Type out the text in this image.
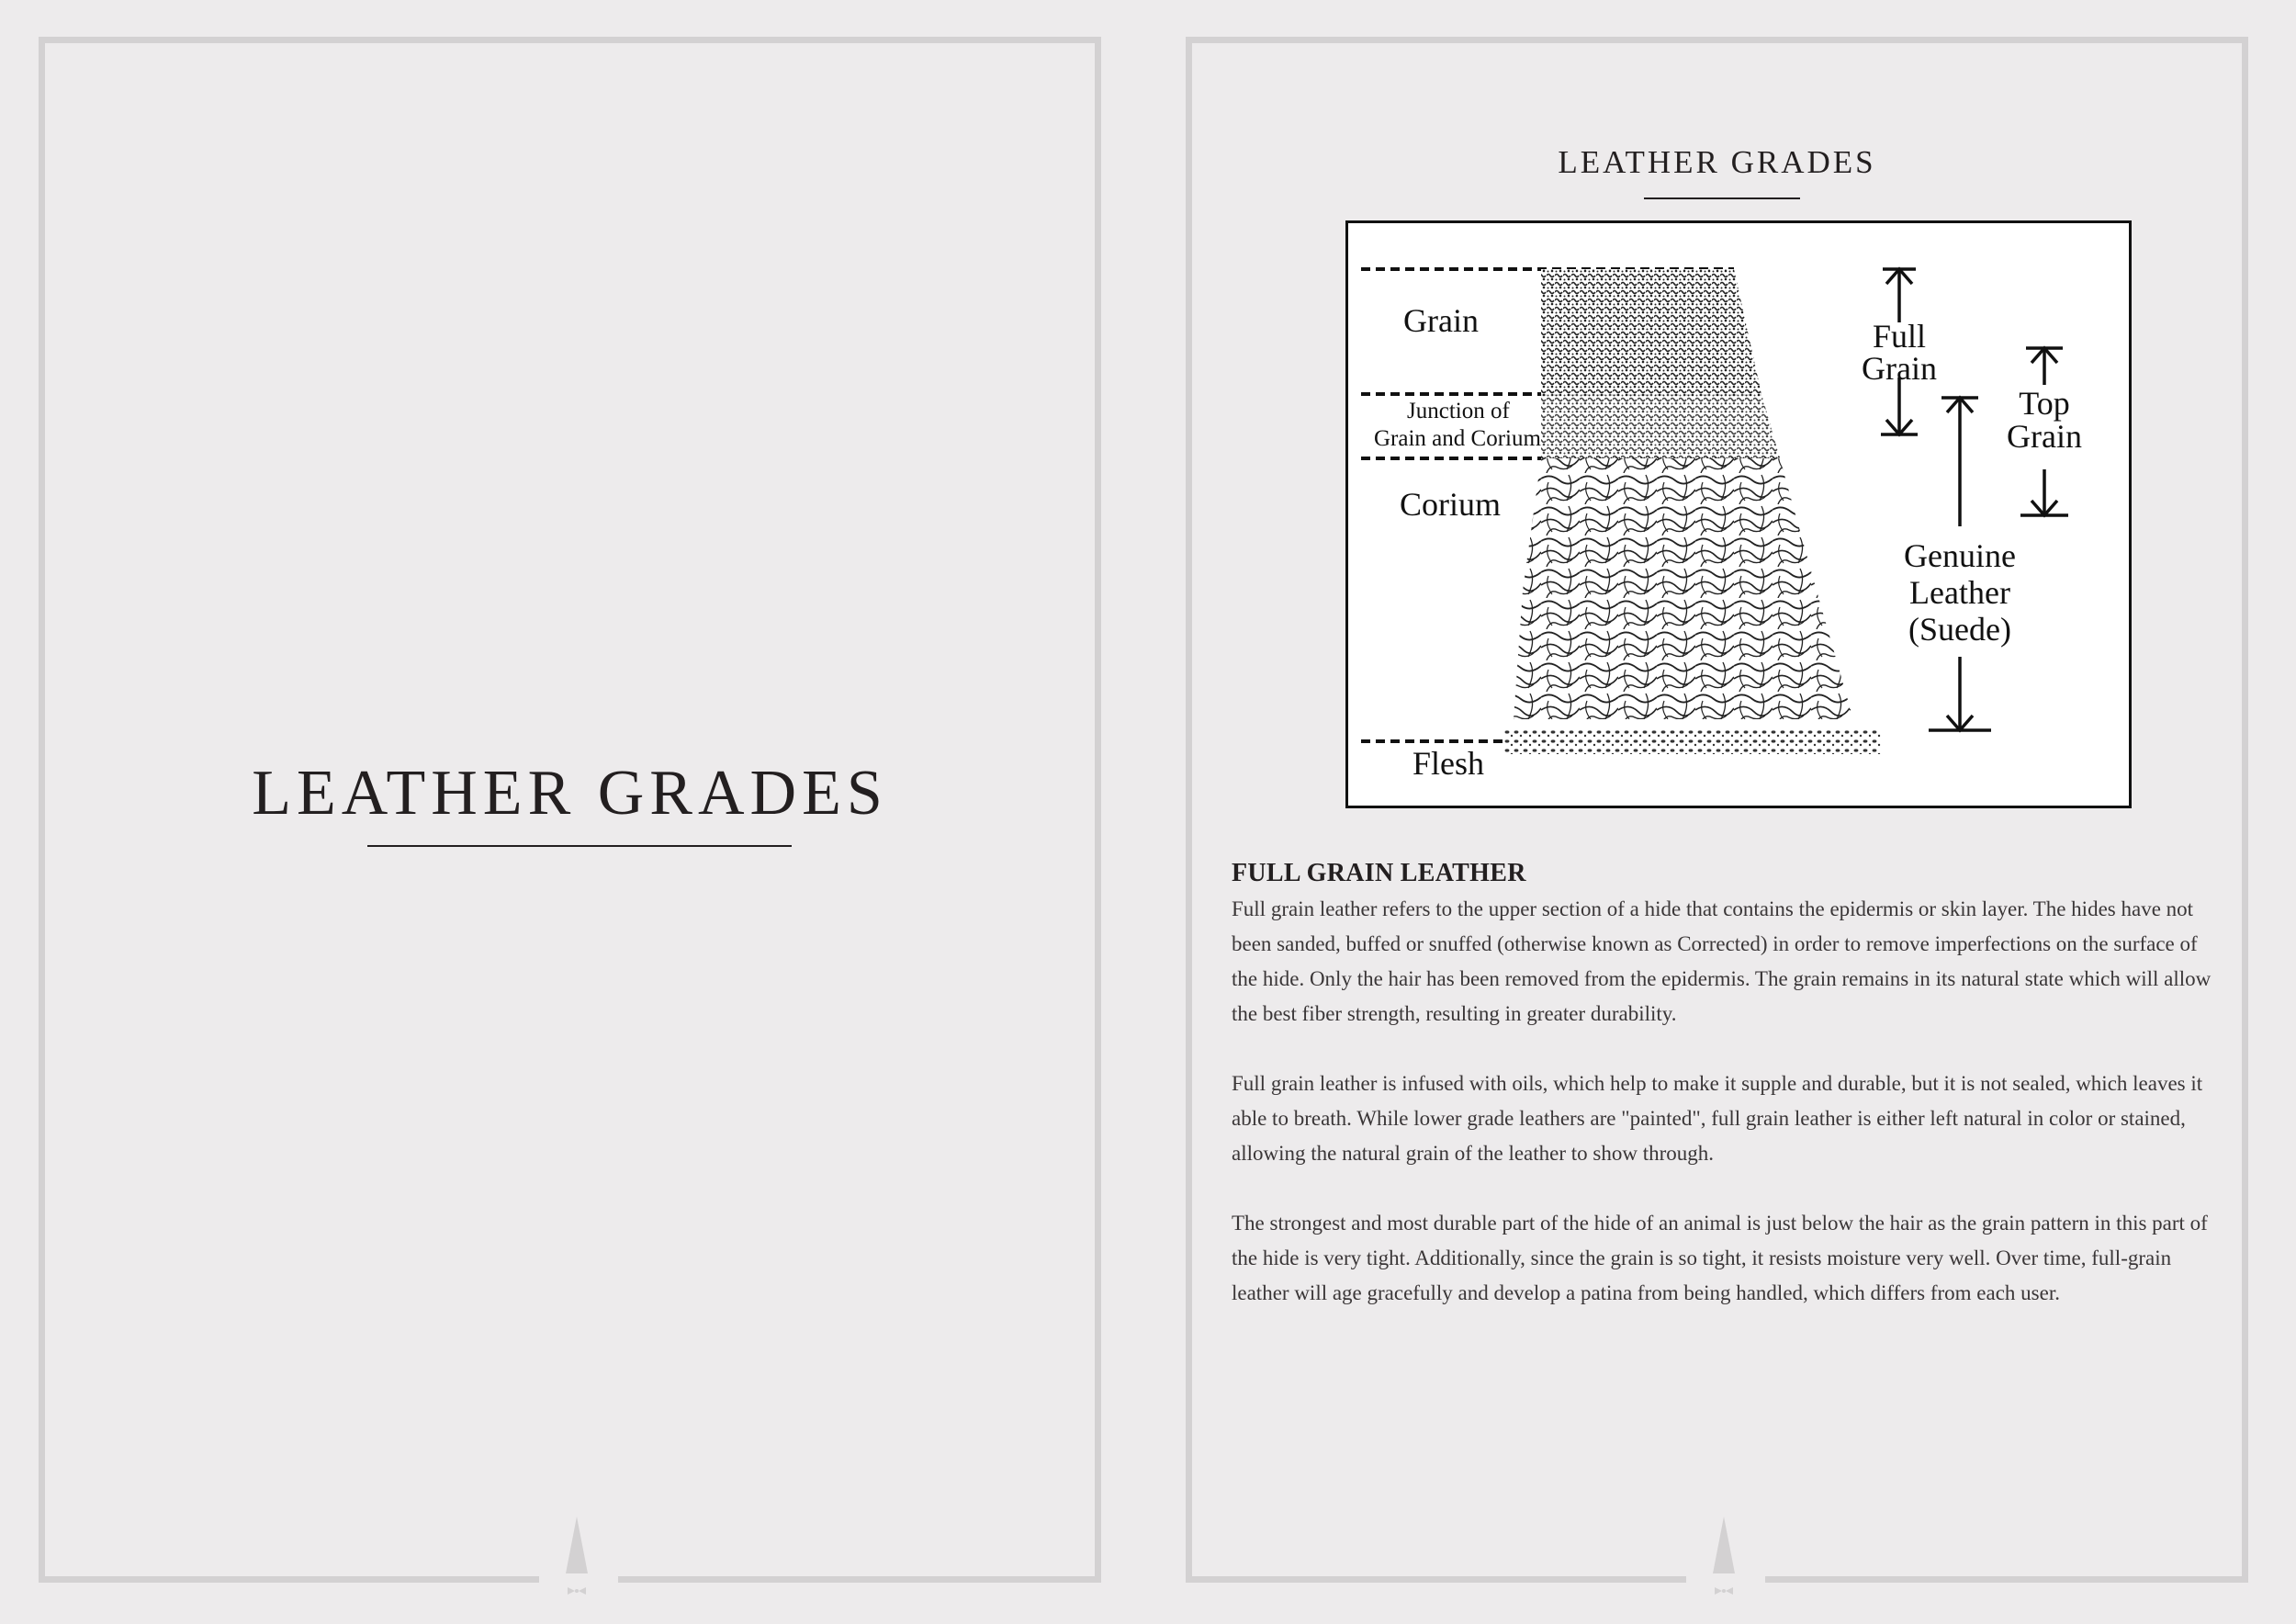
LEATHER GRADES
LEATHER GRADES
Grain
Junction of
Grain and Corium
Corium
Flesh
Full
Grain
Top
Grain
Genuine
Leather
(Suede)
FULL GRAIN LEATHER

Full grain leather refers to the upper section of a hide that contains the epidermis or skin layer. The hides have not been sanded, buffed or snuffed (otherwise known as Corrected) in order to remove imperfections on the surface of the hide. Only the hair has been removed from the epidermis. The grain remains in its natural state which will allow the best fiber strength, resulting in greater durability.

Full grain leather is infused with oils, which help to make it supple and durable, but it is not sealed, which leaves it able to breath. While lower grade leathers are "painted", full grain leather is either left natural in color or stained, allowing the natural grain of the leather to show through.

The strongest and most durable part of the hide of an animal is just below the hair as the grain pattern in this part of the hide is very tight. Additionally, since the grain is so tight, it resists moisture very well. Over time, full-grain leather will age gracefully and develop a patina from being handled, which differs from each user.
